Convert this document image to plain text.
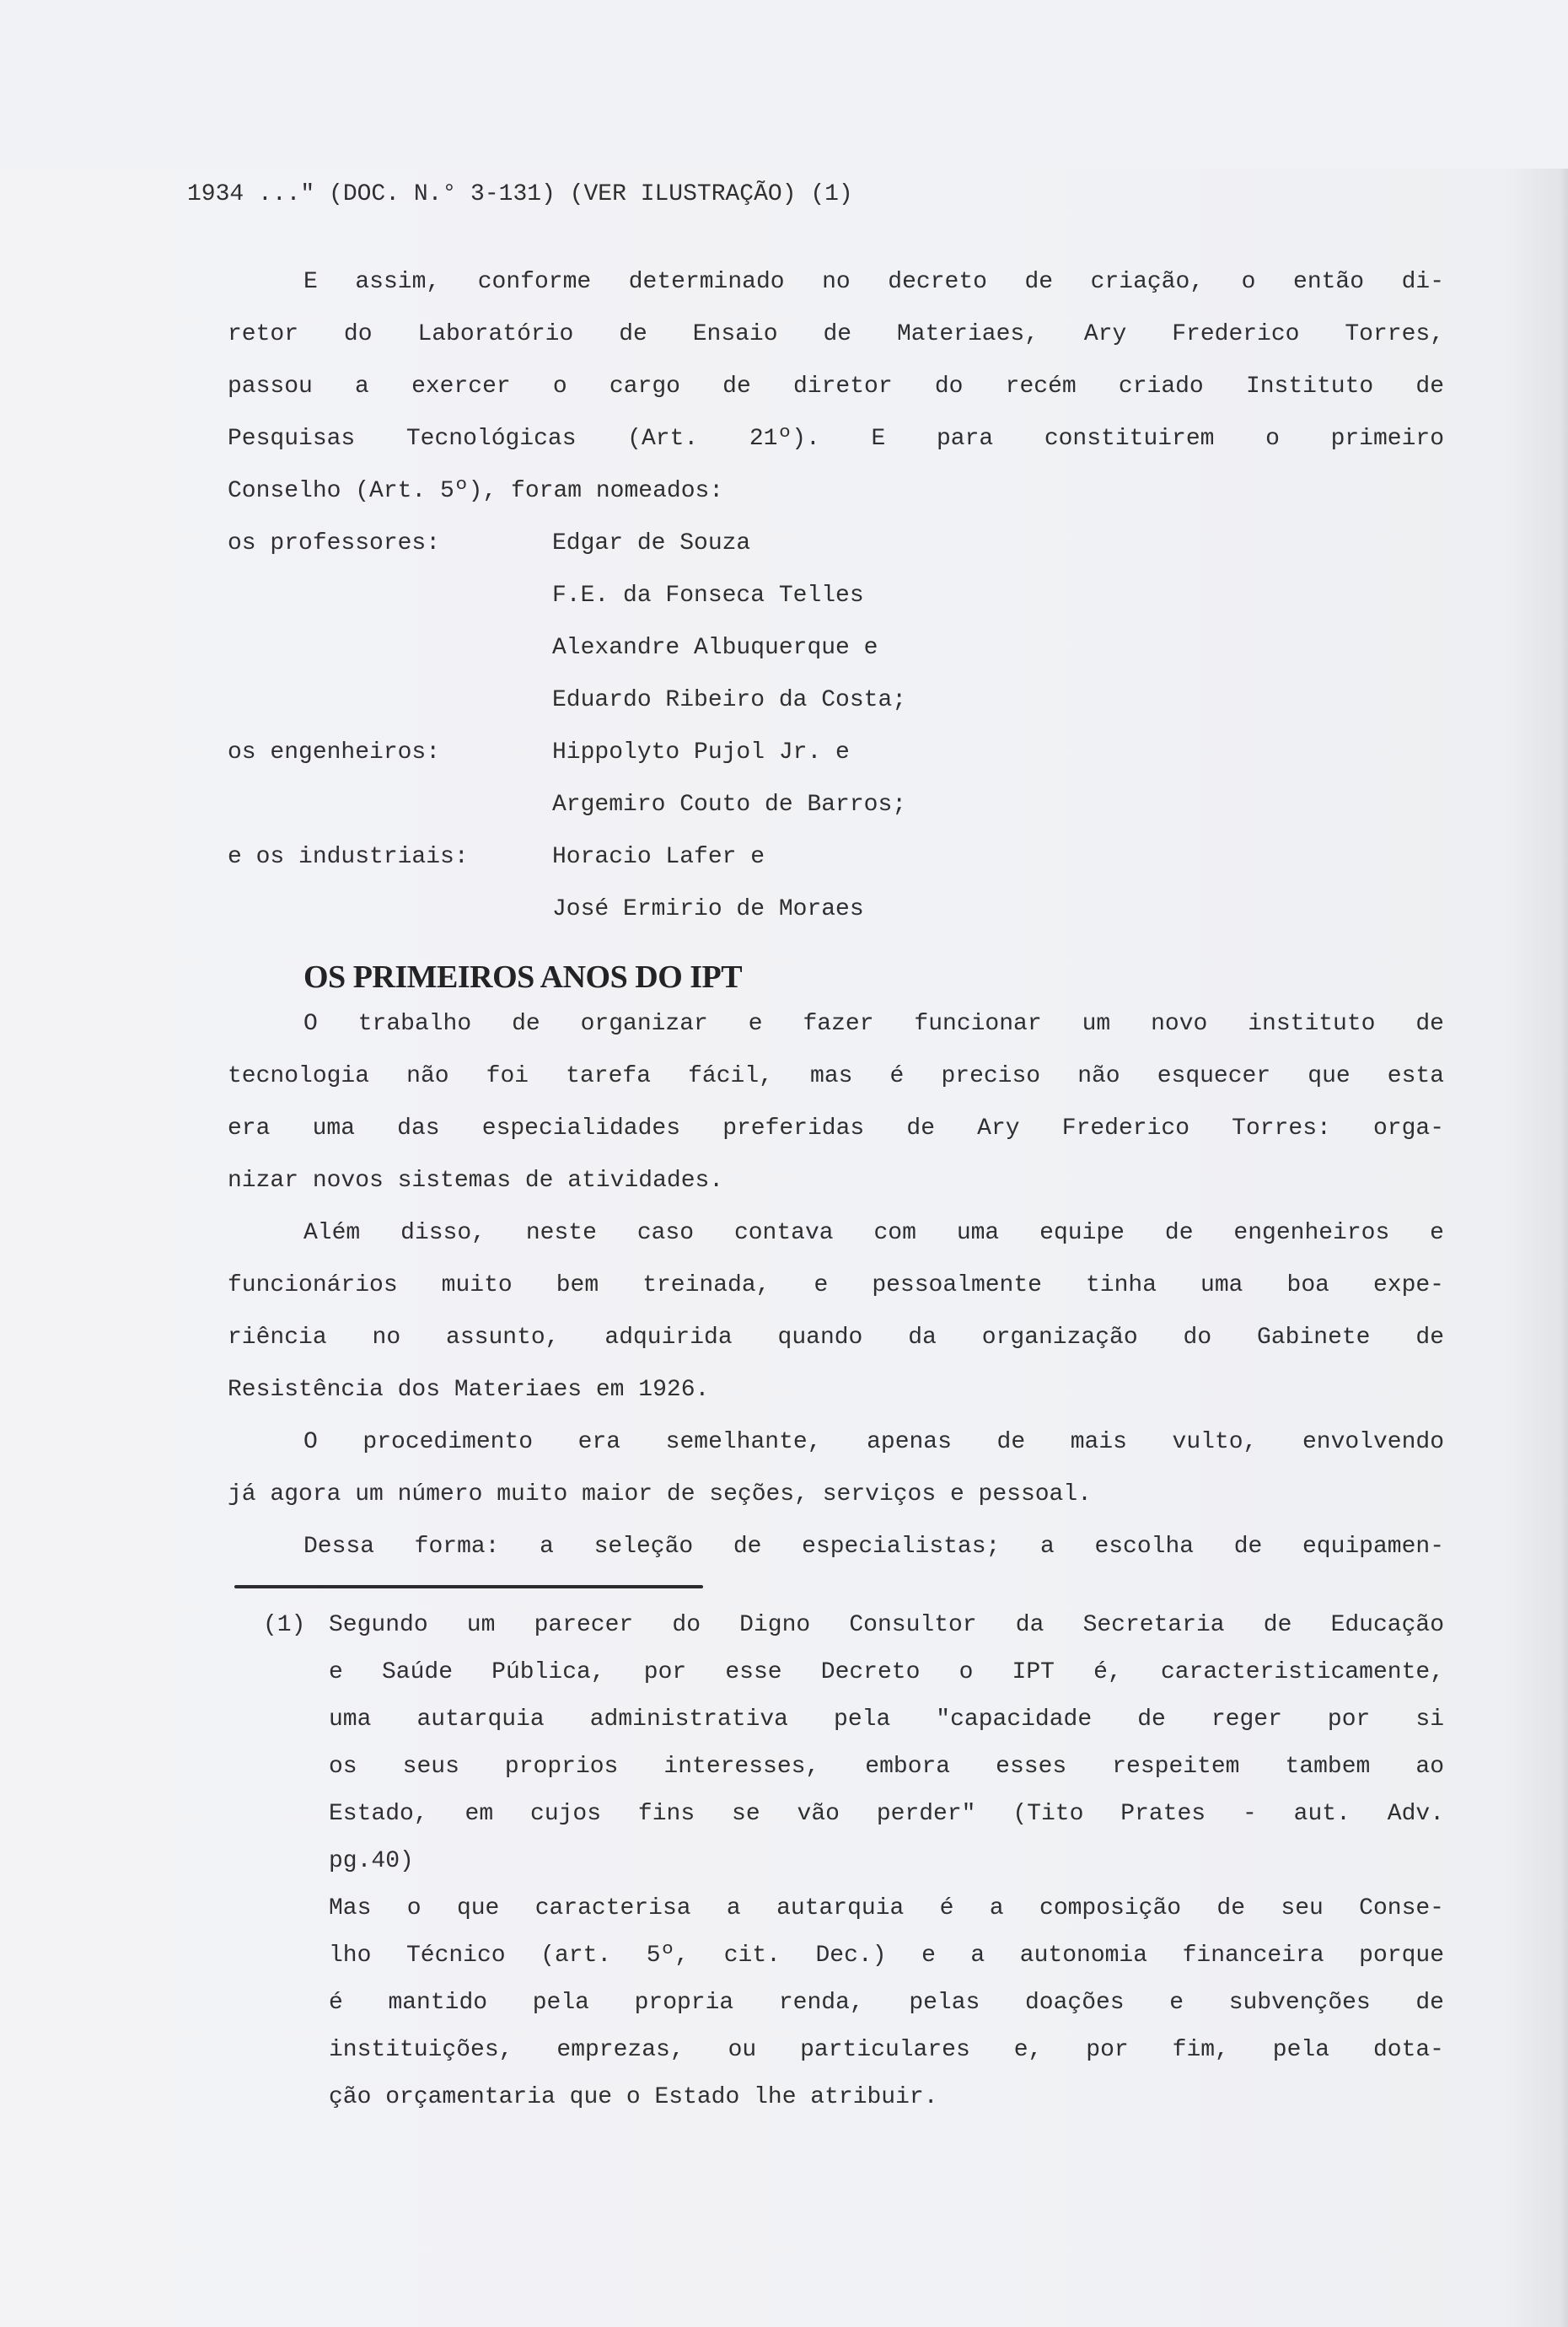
1934 ..." (DOC. N.° 3-131) (VER ILUSTRAÇÃO) (1)
E assim, conforme determinado no decreto de criação, o então di-
retor do Laboratório de Ensaio de Materiaes, Ary Frederico Torres,
passou a exercer o cargo de diretor do recém criado Instituto de
Pesquisas Tecnológicas (Art. 21º). E para constituirem o primeiro
Conselho (Art. 5º), foram nomeados:
os professores:	Edgar de Souza
F.E. da Fonseca Telles
Alexandre Albuquerque e
Eduardo Ribeiro da Costa;
os engenheiros:	Hippolyto Pujol Jr. e
Argemiro Couto de Barros;
e os industriais:	Horacio Lafer e
José Ermirio de Moraes
OS PRIMEIROS ANOS DO IPT
O trabalho de organizar e fazer funcionar um novo instituto de
tecnologia não foi tarefa fácil, mas é preciso não esquecer que esta
era uma das especialidades preferidas de Ary Frederico Torres: orga-
nizar novos sistemas de atividades.
Além disso, neste caso contava com uma equipe de engenheiros e
funcionários muito bem treinada, e pessoalmente tinha uma boa expe-
riência no assunto, adquirida quando da organização do Gabinete de
Resistência dos Materiaes em 1926.
O procedimento era semelhante, apenas de mais vulto, envolvendo
já agora um número muito maior de seções, serviços e pessoal.
Dessa forma: a seleção de especialistas; a escolha de equipamen-
(1) Segundo um parecer do Digno Consultor da Secretaria de Educação
e Saúde Pública, por esse Decreto o IPT é, caracteristicamente,
uma autarquia administrativa pela "capacidade de reger por si
os seus proprios interesses, embora esses respeitem tambem ao
Estado, em cujos fins se vão perder" (Tito Prates - aut. Adv.
pg.40)
Mas o que caracterisa a autarquia é a composição de seu Conse-
lho Técnico (art. 5º, cit. Dec.) e a autonomia financeira porque
é mantido pela propria renda, pelas doações e subvenções de
instituições, emprezas, ou particulares e, por fim, pela dota-
ção orçamentaria que o Estado lhe atribuir.
